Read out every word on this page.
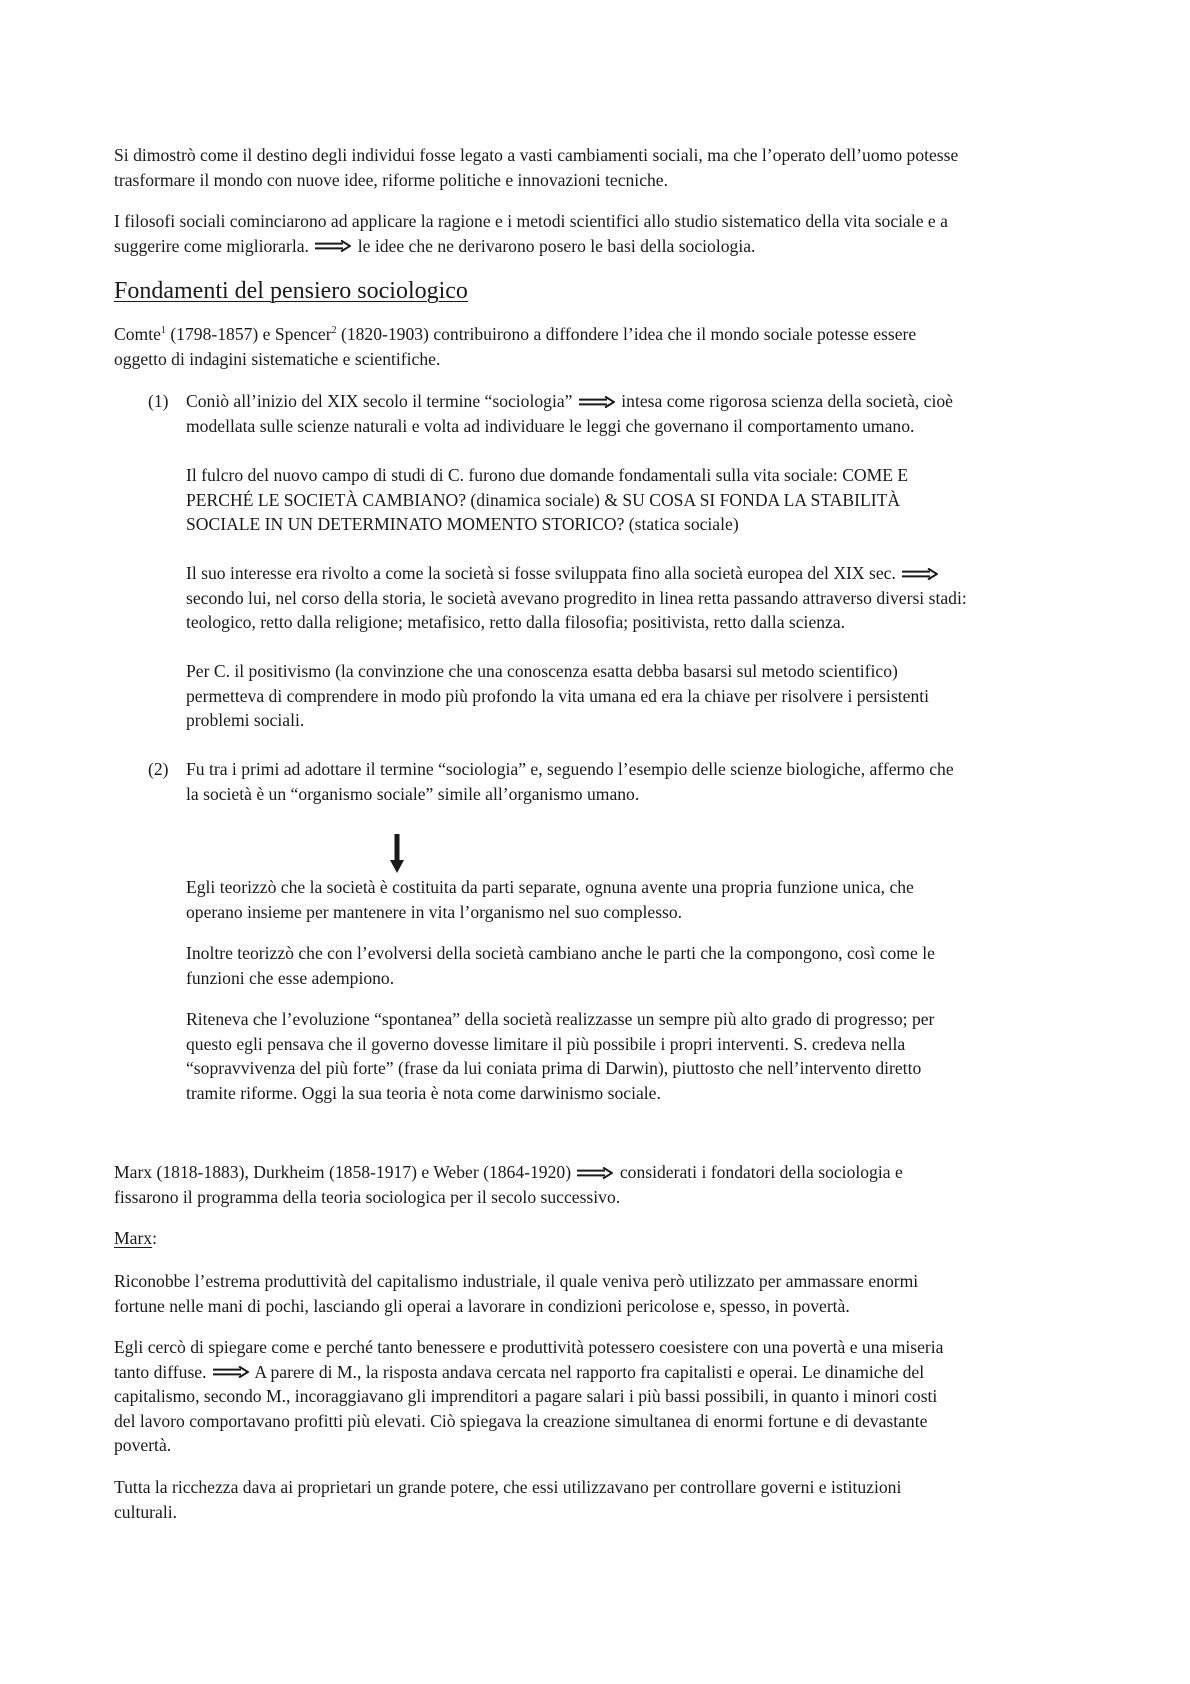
Si dimostrò come il destino degli individui fosse legato a vasti cambiamenti sociali, ma che l’operato dell’uomo potesse
trasformare il mondo con nuove idee, riforme politiche e innovazioni tecniche.

I filosofi sociali cominciarono ad applicare la ragione e i metodi scientifici allo studio sistematico della vita sociale e a
suggerire come migliorarla.	le idee che ne derivarono posero le basi della sociologia.

Fondamenti del pensiero sociologico

Comte$^1$ (1798-1857) e Spencer$^2$ (1820-1903) contribuirono a diffondere l’idea che il mondo sociale potesse essere
oggetto di indagini sistematiche e scientifiche.

(1) Coniò all’inizio del XIX secolo il termine “sociologia”	intesa come rigorosa scienza della società, cioè
modellata sulle scienze naturali e volta ad individuare le leggi che governano il comportamento umano.

Il fulcro del nuovo campo di studi di C. furono due domande fondamentali sulla vita sociale: COME E
PERCHÉ LE SOCIETÀ CAMBIANO? (dinamica sociale) & SU COSA SI FONDA LA STABILITÀ
SOCIALE IN UN DETERMINATO MOMENTO STORICO? (statica sociale)

Il suo interesse era rivolto a come la società si fosse sviluppata fino alla società europea del XIX sec.
secondo lui, nel corso della storia, le società avevano progredito in linea retta passando attraverso diversi stadi:
teologico, retto dalla religione; metafisico, retto dalla filosofia; positivista, retto dalla scienza.

Per C. il positivismo (la convinzione che una conoscenza esatta debba basarsi sul metodo scientifico)
permetteva di comprendere in modo più profondo la vita umana ed era la chiave per risolvere i persistenti
problemi sociali.

(2) Fu tra i primi ad adottare il termine “sociologia” e, seguendo l’esempio delle scienze biologiche, affermo che
la società è un “organismo sociale” simile all’organismo umano.

Egli teorizzò che la società è costituita da parti separate, ognuna avente una propria funzione unica, che
operano insieme per mantenere in vita l’organismo nel suo complesso.

Inoltre teorizzò che con l’evolversi della società cambiano anche le parti che la compongono, così come le
funzioni che esse adempiono.

Riteneva che l’evoluzione “spontanea” della società realizzasse un sempre più alto grado di progresso; per
questo egli pensava che il governo dovesse limitare il più possibile i propri interventi. S. credeva nella
“sopravvivenza del più forte” (frase da lui coniata prima di Darwin), piuttosto che nell’intervento diretto
tramite riforme. Oggi la sua teoria è nota come darwinismo sociale.

Marx (1818-1883), Durkheim (1858-1917) e Weber (1864-1920)	considerati i fondatori della sociologia e
fissarono il programma della teoria sociologica per il secolo successivo.

Marx:

Riconobbe l’estrema produttività del capitalismo industriale, il quale veniva però utilizzato per ammassare enormi
fortune nelle mani di pochi, lasciando gli operai a lavorare in condizioni pericolose e, spesso, in povertà.

Egli cercò di spiegare come e perché tanto benessere e produttività potessero coesistere con una povertà e una miseria
tanto diffuse.	A parere di M., la risposta andava cercata nel rapporto fra capitalisti e operai. Le dinamiche del
capitalismo, secondo M., incoraggiavano gli imprenditori a pagare salari i più bassi possibili, in quanto i minori costi
del lavoro comportavano profitti più elevati. Ciò spiegava la creazione simultanea di enormi fortune e di devastante
povertà.

Tutta la ricchezza dava ai proprietari un grande potere, che essi utilizzavano per controllare governi e istituzioni
culturali.
